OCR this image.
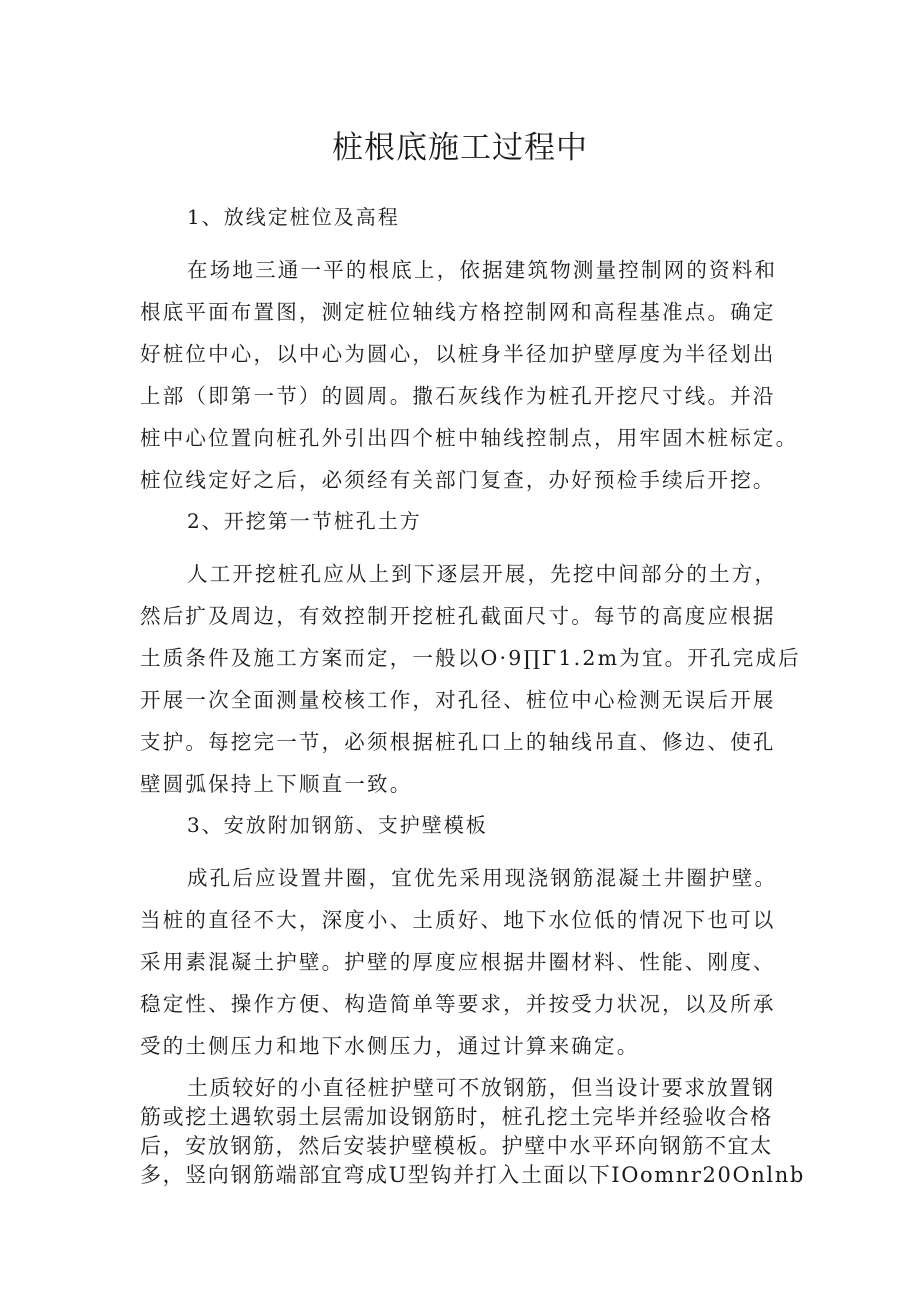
桩根底施工过程中
1、放线定桩位及高程
在场地三通一平的根底上，依据建筑物测量控制网的资料和
根底平面布置图，测定桩位轴线方格控制网和高程基准点。确定
好桩位中心，以中心为圆心，以桩身半径加护壁厚度为半径划出
上部（即第一节）的圆周。撒石灰线作为桩孔开挖尺寸线。并沿
桩中心位置向桩孔外引出四个桩中轴线控制点，用牢固木桩标定。
桩位线定好之后，必须经有关部门复查，办好预检手续后开挖。
2、开挖第一节桩孔土方
人工开挖桩孔应从上到下逐层开展，先挖中间部分的土方，
然后扩及周边，有效控制开挖桩孔截面尺寸。每节的高度应根据
土质条件及施工方案而定，一般以O·9∏Γ1.2m为宜。开孔完成后
开展一次全面测量校核工作，对孔径、桩位中心检测无误后开展
支护。每挖完一节，必须根据桩孔口上的轴线吊直、修边、使孔
壁圆弧保持上下顺直一致。
3、安放附加钢筋、支护壁模板
成孔后应设置井圈，宜优先采用现浇钢筋混凝土井圈护壁。
当桩的直径不大，深度小、土质好、地下水位低的情况下也可以
采用素混凝土护壁。护壁的厚度应根据井圈材料、性能、刚度、
稳定性、操作方便、构造简单等要求，并按受力状况，以及所承
受的土侧压力和地下水侧压力，通过计算来确定。
土质较好的小直径桩护壁可不放钢筋，但当设计要求放置钢
筋或挖土遇软弱土层需加设钢筋时，桩孔挖土完毕并经验收合格
后，安放钢筋，然后安装护壁模板。护壁中水平环向钢筋不宜太
多，竖向钢筋端部宜弯成U型钩并打入土面以下IOomnr20Onlnb
